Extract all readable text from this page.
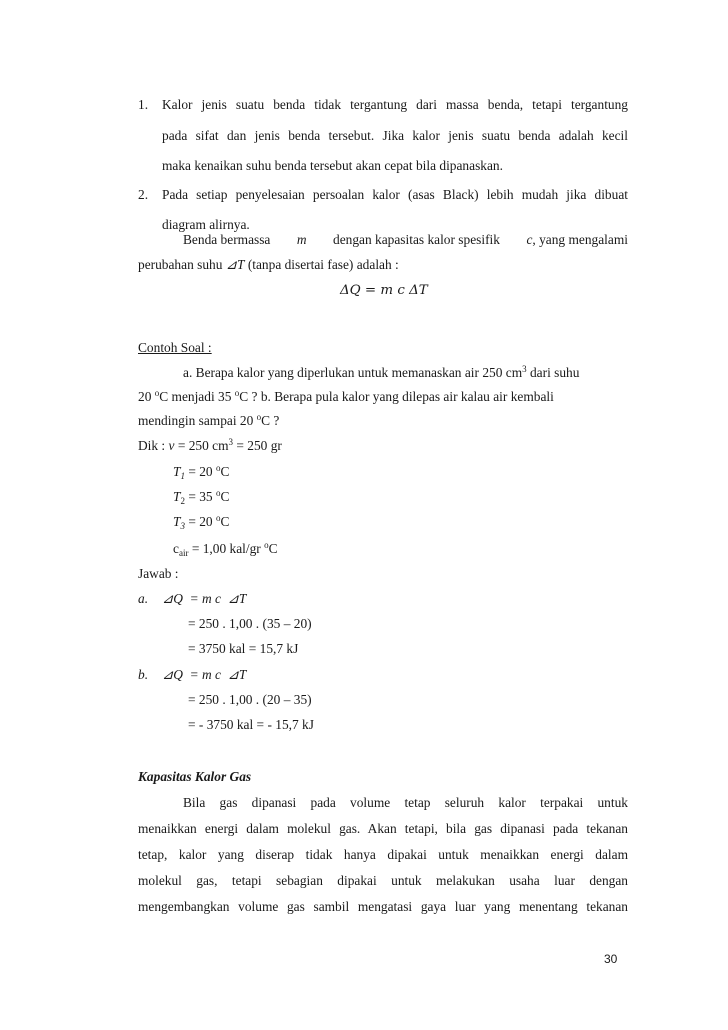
1. Kalor jenis suatu benda tidak tergantung dari massa benda, tetapi tergantung
pada sifat dan jenis benda tersebut. Jika kalor jenis suatu benda adalah kecil
maka kenaikan suhu benda tersebut akan cepat bila dipanaskan.
2. Pada setiap penyelesaian persoalan kalor (asas Black) lebih mudah jika dibuat
diagram alirnya.
Benda bermassa m dengan kapasitas kalor spesifik c, yang mengalami
perubahan suhu ⊿T (tanpa disertai fase) adalah :
ΔQ = m c ΔT
Contoh Soal :
a. Berapa kalor yang diperlukan untuk memanaskan air 250 $cm^3$ dari suhu
20 $^o$C menjadi 35 $^o$C ? b. Berapa pula kalor yang dilepas air kalau air kembali
mendingin sampai 20 $^o$C ?
Dik : v = 250 $cm^3 = 250$ gr
$T_1 = 20$ $^o$C
$T_2 = 35$ $^o$C
$T_3 = 20$ $^o$C
$c_{air} = 1,00$ kal/gr $^o$C
Jawab :
a.	⊿Q  = m c  ⊿T
= 250 . 1,00 . (35 – 20)
= 3750 kal = 15,7 kJ
b.	⊿Q  = m c  ⊿T
= 250 . 1,00 . (20 – 35)
= - 3750 kal = - 15,7 kJ
Kapasitas Kalor Gas
Bila gas dipanasi pada volume tetap seluruh kalor terpakai untuk
menaikkan energi dalam molekul gas. Akan tetapi, bila gas dipanasi pada tekanan
tetap, kalor yang diserap tidak hanya dipakai untuk menaikkan energi dalam
molekul gas, tetapi sebagian dipakai untuk melakukan usaha luar dengan
mengembangkan volume gas sambil mengatasi gaya luar yang menentang tekanan
30
